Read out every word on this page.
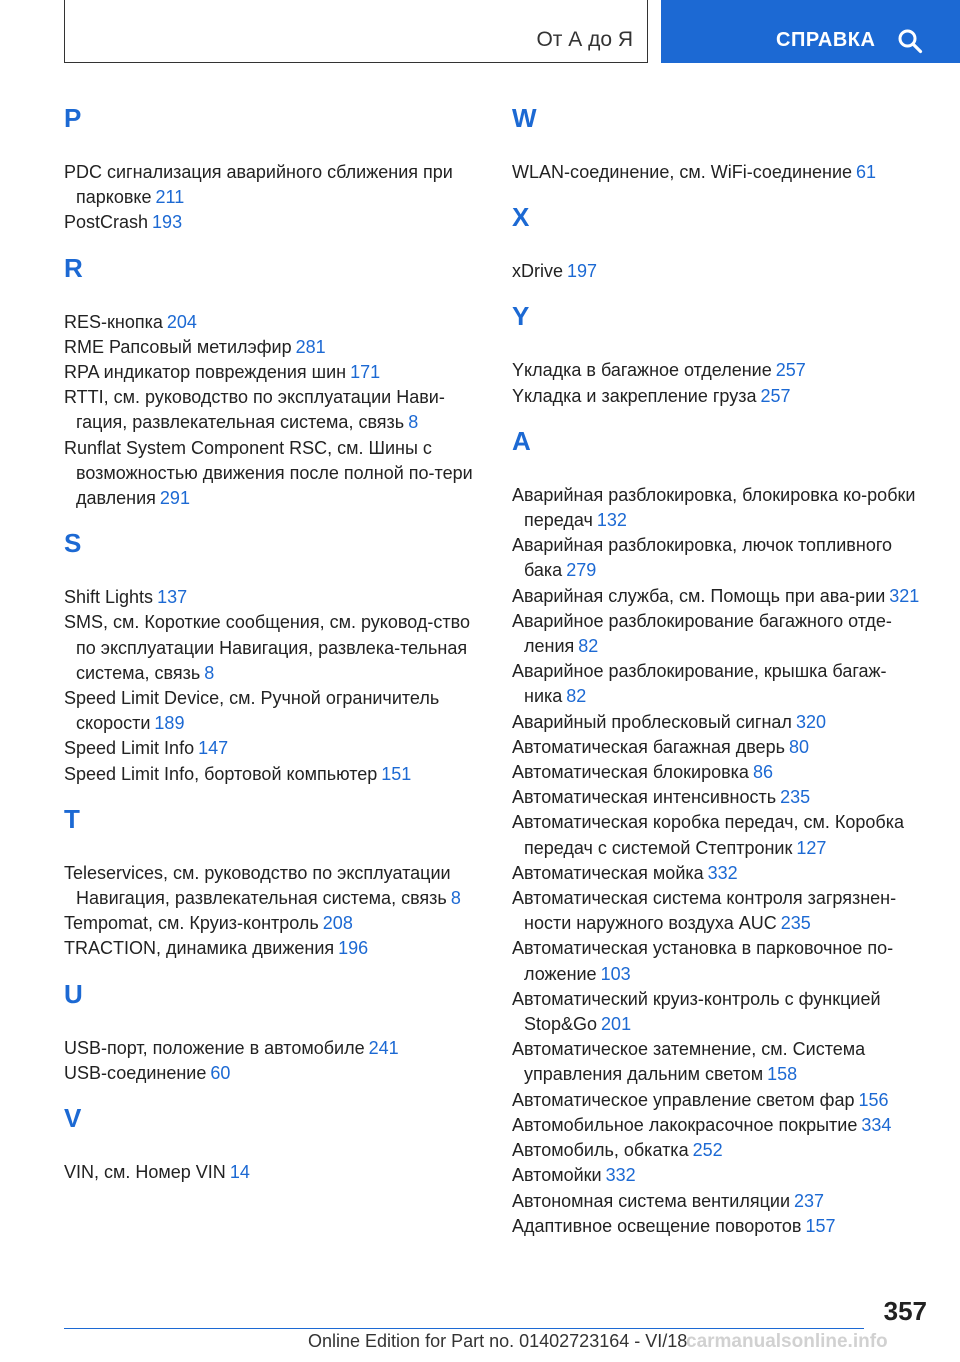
От А до Я	СПРАВКА
P
PDC сигнализация аварийного сближения при парковке 211
PostCrash 193
R
RES-кнопка 204
RME Рапсовый метилэфир 281
RPA индикатор повреждения шин 171
RTTI, см. руководство по эксплуатации Нави-гация, развлекательная система, связь 8
Runflat System Component RSC, см. Шины с возможностью движения после полной по-тери давления 291
S
Shift Lights 137
SMS, см. Короткие сообщения, см. руковод-ство по эксплуатации Навигация, развлека-тельная система, связь 8
Speed Limit Device, см. Ручной ограничитель скорости 189
Speed Limit Info 147
Speed Limit Info, бортовой компьютер 151
T
Teleservices, см. руководство по эксплуатации Навигация, развлекательная система, связь 8
Tempomat, см. Круиз-контроль 208
TRACTION, динамика движения 196
U
USB-порт, положение в автомобиле 241
USB-соединение 60
V
VIN, см. Номер VIN 14
W
WLAN-соединение, см. WiFi-соединение 61
X
xDrive 197
Y
Yкладка в багажное отделение 257
Yкладка и закрепление груза 257
А
Аварийная разблокировка, блокировка ко-робки передач 132
Аварийная разблокировка, лючок топливного бака 279
Аварийная служба, см. Помощь при ава-рии 321
Аварийное разблокирование багажного отде-ления 82
Аварийное разблокирование, крышка багаж-ника 82
Аварийный проблесковый сигнал 320
Автоматическая багажная дверь 80
Автоматическая блокировка 86
Автоматическая интенсивность 235
Автоматическая коробка передач, см. Коробка передач с системой Стептроник 127
Автоматическая мойка 332
Автоматическая система контроля загрязнен-ности наружного воздуха AUC 235
Автоматическая установка в парковочное по-ложение 103
Автоматический круиз-контроль с функцией Stop&Go 201
Автоматическое затемнение, см. Система управления дальним светом 158
Автоматическое управление светом фар 156
Автомобильное лакокрасочное покрытие 334
Автомобиль, обкатка 252
Автомойки 332
Автономная система вентиляции 237
Адаптивное освещение поворотов 157
357
Online Edition for Part no. 01402723164 - VI/18
carmanualsonline.info
